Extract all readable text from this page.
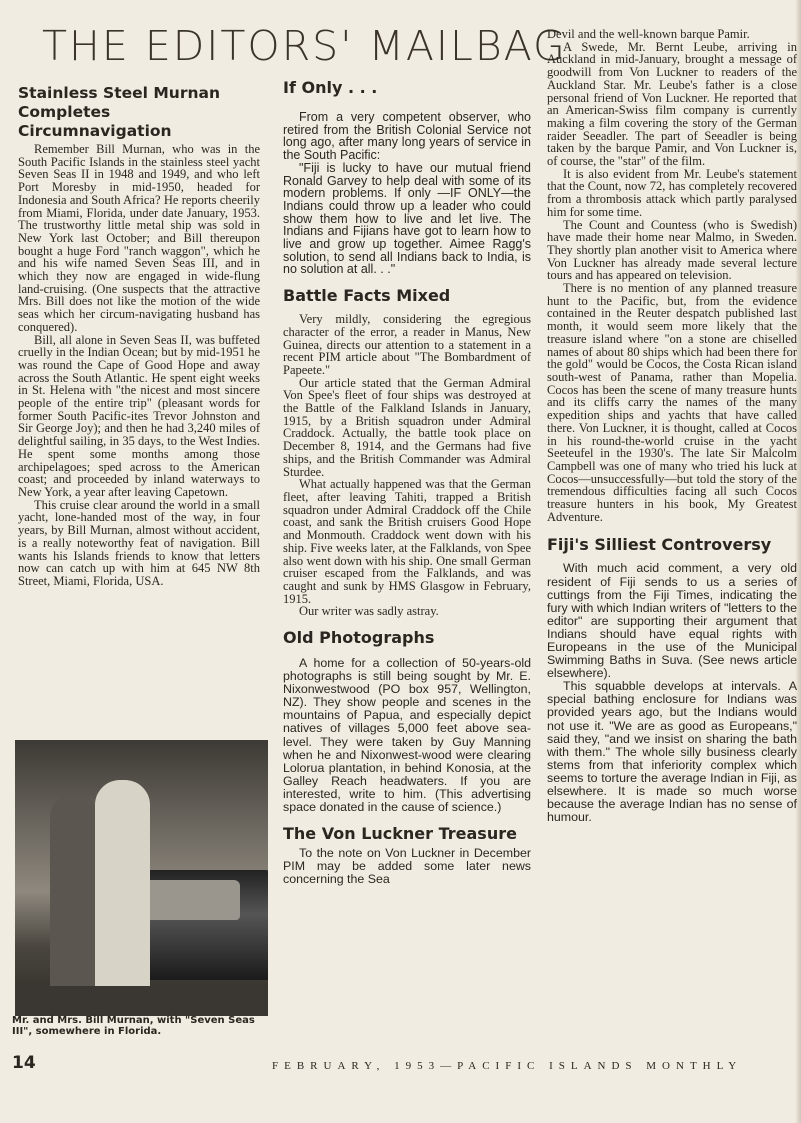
THE EDITORS' MAILBAG
Stainless Steel Murnan
Completes Circumnavigation

Remember Bill Murnan, who was in the South Pacific Islands in the stainless steel yacht Seven Seas II in 1948 and 1949, and who left Port Moresby in mid-1950, headed for Indonesia and South Africa? He reports cheerily from Miami, Florida, under date January, 1953. The trustworthy little metal ship was sold in New York last October; and Bill thereupon bought a huge Ford "ranch waggon", which he and his wife named Seven Seas III, and in which they now are engaged in wide-flung land-cruising. (One suspects that the attractive Mrs. Bill does not like the motion of the wide seas which her circum-navigating husband has conquered).

Bill, all alone in Seven Seas II, was buffeted cruelly in the Indian Ocean; but by mid-1951 he was round the Cape of Good Hope and away across the South Atlantic. He spent eight weeks in St. Helena with "the nicest and most sincere people of the entire trip" (pleasant words for former South Pacific-ites Trevor Johnston and Sir George Joy); and then he had 3,240 miles of delightful sailing, in 35 days, to the West Indies. He spent some months among those archipelagoes; sped across to the American coast; and proceeded by inland waterways to New York, a year after leaving Capetown.

This cruise clear around the world in a small yacht, lone-handed most of the way, in four years, by Bill Murnan, almost without accident, is a really noteworthy feat of navigation. Bill wants his Islands friends to know that letters now can catch up with him at 645 NW 8th Street, Miami, Florida, USA.

Mr. and Mrs. Bill Murnan, with "Seven Seas III", somewhere in Florida.
14
If Only . . .

From a very competent observer, who retired from the British Colonial Service not long ago, after many long years of service in the South Pacific:

"Fiji is lucky to have our mutual friend Ronald Garvey to help deal with some of its modern problems. If only —IF ONLY—the Indians could throw up a leader who could show them how to live and let live. The Indians and Fijians have got to learn how to live and grow up together. Aimee Ragg's solution, to send all Indians back to India, is no solution at all. . ."

Battle Facts Mixed

Very mildly, considering the egregious character of the error, a reader in Manus, New Guinea, directs our attention to a statement in a recent PIM article about "The Bombardment of Papeete."

Our article stated that the German Admiral Von Spee's fleet of four ships was destroyed at the Battle of the Falkland Islands in January, 1915, by a British squadron under Admiral Craddock. Actually, the battle took place on December 8, 1914, and the Germans had five ships, and the British Commander was Admiral Sturdee.

What actually happened was that the German fleet, after leaving Tahiti, trapped a British squadron under Admiral Craddock off the Chile coast, and sank the British cruisers Good Hope and Monmouth. Craddock went down with his ship. Five weeks later, at the Falklands, von Spee also went down with his ship. One small German cruiser escaped from the Falklands, and was caught and sunk by HMS Glasgow in February, 1915.

Our writer was sadly astray.

Old Photographs

A home for a collection of 50-years-old photographs is still being sought by Mr. E. Nixonwestwood (PO box 957, Wellington, NZ). They show people and scenes in the mountains of Papua, and especially depict natives of villages 5,000 feet above sea-level. They were taken by Guy Manning when he and Nixonwest-wood were clearing Lolorua plantation, in behind Konosia, at the Galley Reach headwaters. If you are interested, write to him. (This advertising space donated in the cause of science.)

The Von Luckner Treasure

To the note on Von Luckner in December PIM may be added some later news concerning the Sea

Devil and the well-known barque Pamir.

A Swede, Mr. Bernt Leube, arriving in Auckland in mid-January, brought a message of goodwill from Von Luckner to readers of the Auckland Star. Mr. Leube's father is a close personal friend of Von Luckner. He reported that an American-Swiss film company is currently making a film covering the story of the German raider Seeadler. The part of Seeadler is being taken by the barque Pamir, and Von Luckner is, of course, the "star" of the film.

It is also evident from Mr. Leube's statement that the Count, now 72, has completely recovered from a thrombosis attack which partly paralysed him for some time.

The Count and Countess (who is Swedish) have made their home near Malmo, in Sweden. They shortly plan another visit to America where Von Luckner has already made several lecture tours and has appeared on television.

There is no mention of any planned treasure hunt to the Pacific, but, from the evidence contained in the Reuter despatch published last month, it would seem more likely that the treasure island where "on a stone are chiselled names of about 80 ships which had been there for the gold" would be Cocos, the Costa Rican island south-west of Panama, rather than Mopelia. Cocos has been the scene of many treasure hunts and its cliffs carry the names of the many expedition ships and yachts that have called there. Von Luckner, it is thought, called at Cocos in his round-the-world cruise in the yacht Seeteufel in the 1930's. The late Sir Malcolm Campbell was one of many who tried his luck at Cocos—unsuccessfully—but told the story of the tremendous difficulties facing all such Cocos treasure hunters in his book, My Greatest Adventure.

Fiji's Silliest Controversy

With much acid comment, a very old resident of Fiji sends to us a series of cuttings from the Fiji Times, indicating the fury with which Indian writers of "letters to the editor" are supporting their argument that Indians should have equal rights with Europeans in the use of the Municipal Swimming Baths in Suva. (See news article elsewhere).

This squabble develops at intervals. A special bathing enclosure for Indians was provided years ago, but the Indians would not use it. "We are as good as Europeans," said they, "and we insist on sharing the bath with them." The whole silly business clearly stems from that inferiority complex which seems to torture the average Indian in Fiji, as elsewhere. It is made so much worse because the average Indian has no sense of humour.

FEBRUARY, 1953—PACIFIC ISLANDS MONTHLY
